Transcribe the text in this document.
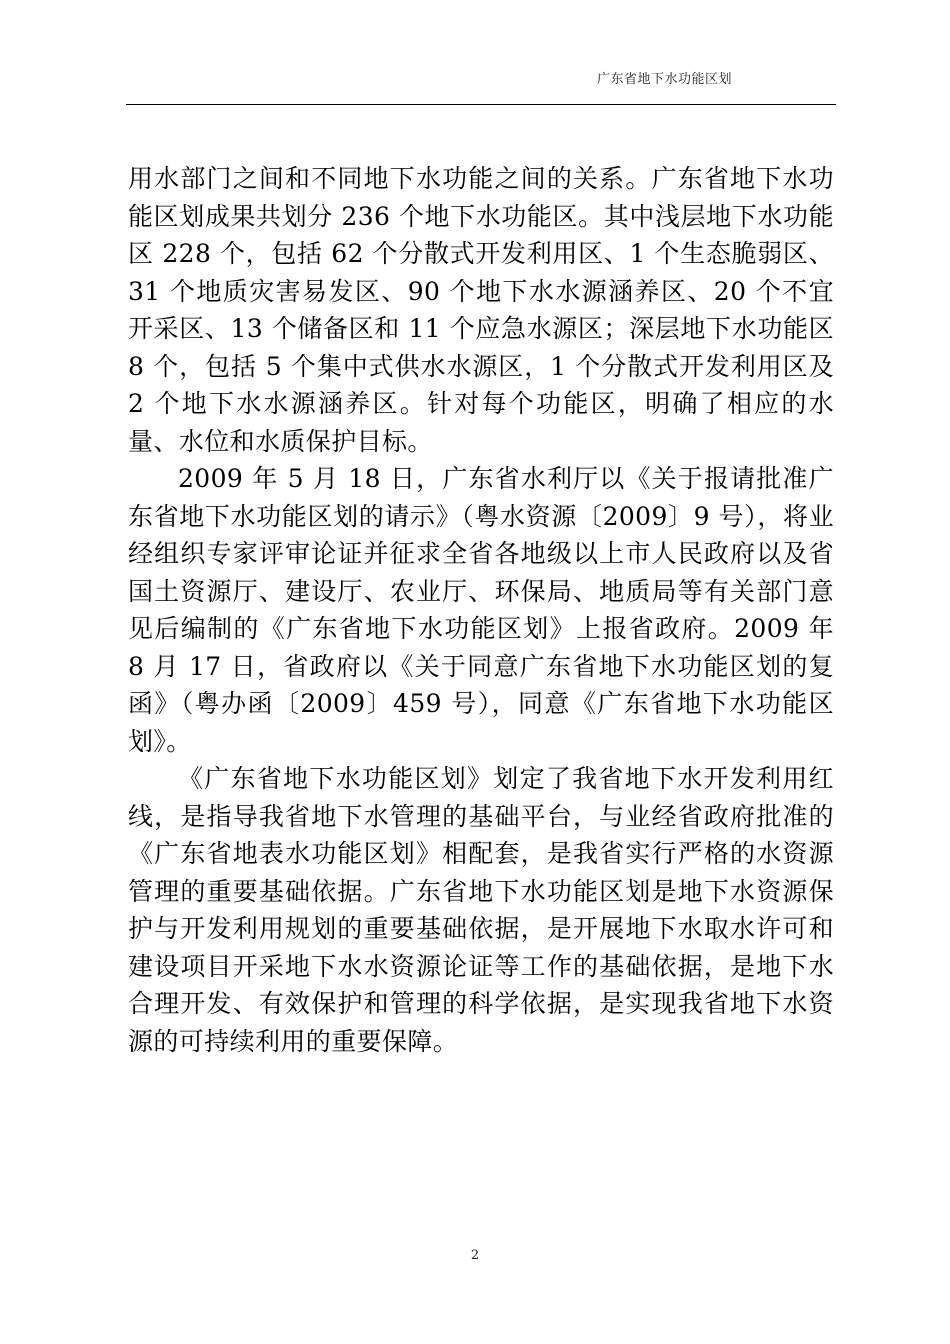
广东省地下水功能区划

用水部门之间和不同地下水功能之间的关系。广东省地下水功能区划成果共划分 236 个地下水功能区。其中浅层地下水功能区 228 个，包括 62 个分散式开发利用区、1 个生态脆弱区、31 个地质灾害易发区、90 个地下水水源涵养区、20 个不宜开采区、13 个储备区和 11 个应急水源区；深层地下水功能区 8 个，包括 5 个集中式供水水源区，1 个分散式开发利用区及 2 个地下水水源涵养区。针对每个功能区，明确了相应的水量、水位和水质保护目标。

2009 年 5 月 18 日，广东省水利厅以《关于报请批准广东省地下水功能区划的请示》（粤水资源〔2009〕9 号），将业经组织专家评审论证并征求全省各地级以上市人民政府以及省国土资源厅、建设厅、农业厅、环保局、地质局等有关部门意见后编制的《广东省地下水功能区划》上报省政府。2009 年 8 月 17 日，省政府以《关于同意广东省地下水功能区划的复函》（粤办函〔2009〕459 号），同意《广东省地下水功能区划》。

《广东省地下水功能区划》划定了我省地下水开发利用红线，是指导我省地下水管理的基础平台，与业经省政府批准的《广东省地表水功能区划》相配套，是我省实行严格的水资源管理的重要基础依据。广东省地下水功能区划是地下水资源保护与开发利用规划的重要基础依据，是开展地下水取水许可和建设项目开采地下水水资源论证等工作的基础依据，是地下水合理开发、有效保护和管理的科学依据，是实现我省地下水资源的可持续利用的重要保障。

2
